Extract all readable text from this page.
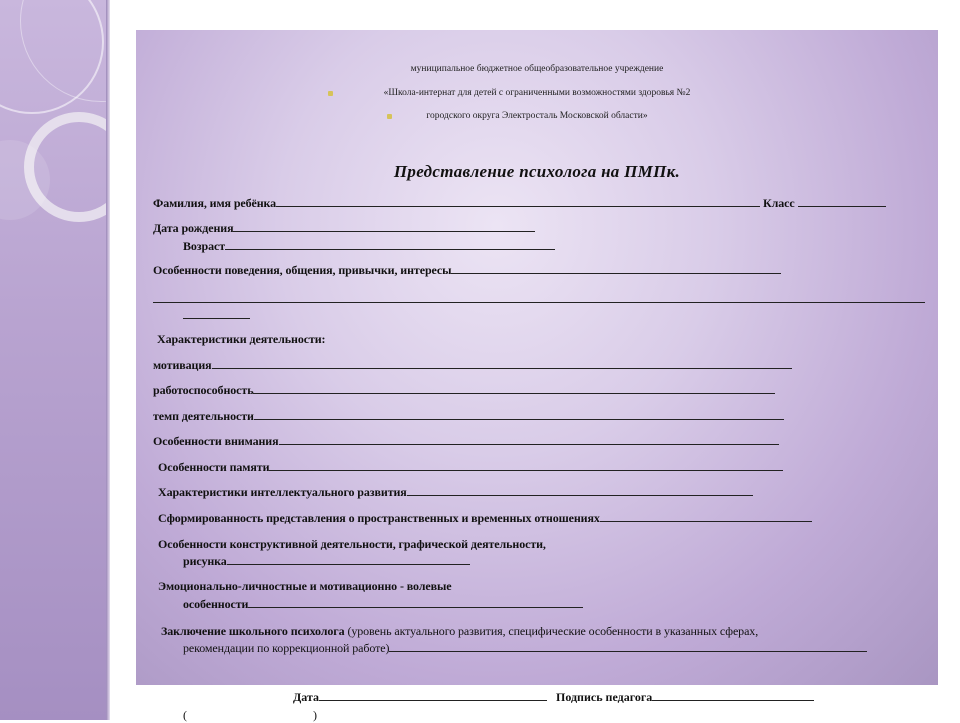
муниципальное бюджетное общеобразовательное учреждение
«Школа-интернат для детей с ограниченными возможностями здоровья №2
городского округа Электросталь Московской области»
Представление психолога на ПМПк.
Фамилия, имя ребёнка	Класс
Дата рождения
Возраст
Особенности поведения, общения, привычки, интересы
Характеристики деятельности:
мотивация
работоспособность
темп деятельности
Особенности внимания
Особенности памяти
Характеристики интеллектуального развития
Сформированность представления о пространственных и временных отношениях
Особенности конструктивной деятельности, графической деятельности,
рисунка
Эмоционально-личностные и мотивационно - волевые
особенности
Заключение школьного психолога (уровень актуального развития, специфические особенности в указанных сферах,
рекомендации по коррекционной работе)
Дата	Подпись педагога
(                                          )
